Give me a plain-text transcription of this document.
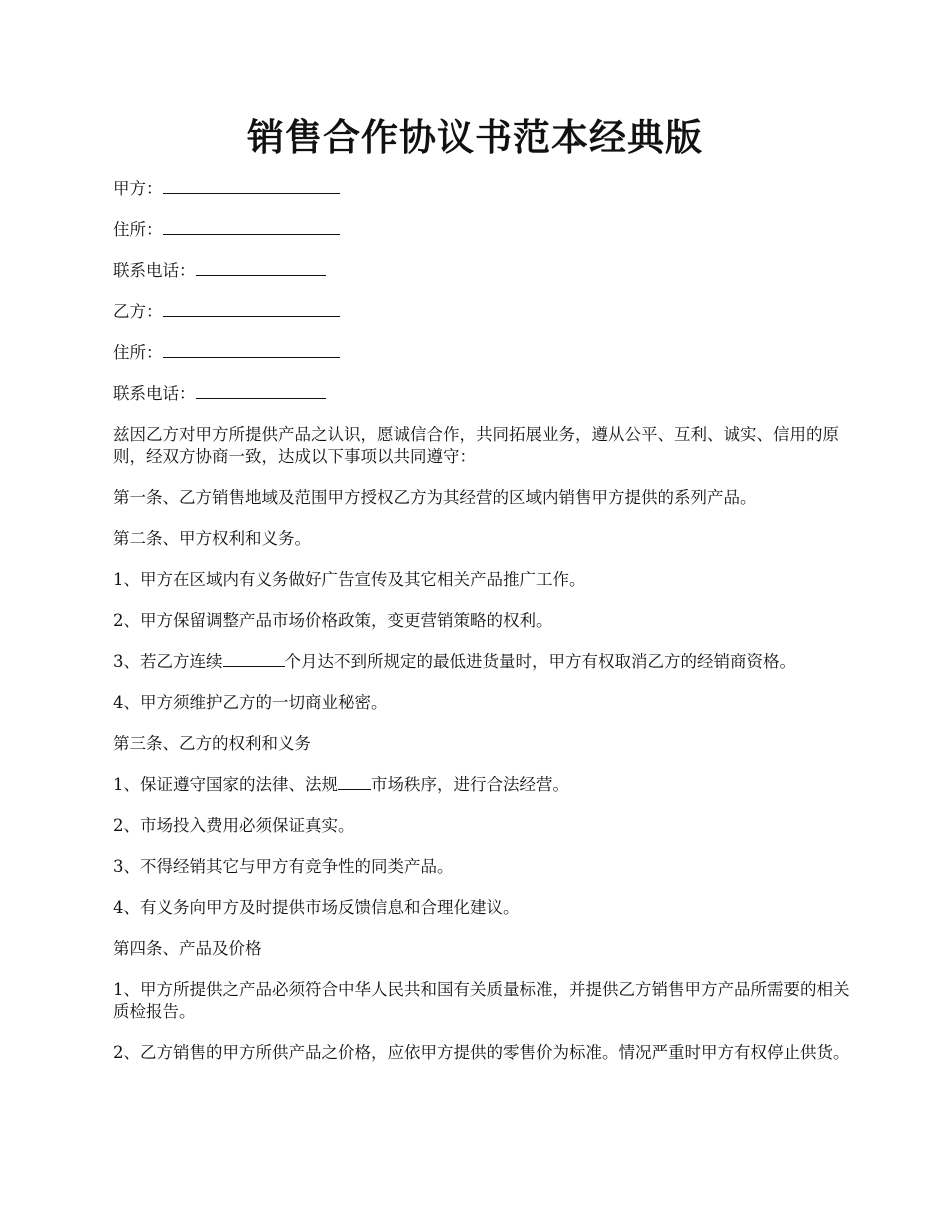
销售合作协议书范本经典版

甲方：

住所：

联系电话：

乙方：

住所：

联系电话：

兹因乙方对甲方所提供产品之认识，愿诚信合作，共同拓展业务，遵从公平、互利、诚实、信用的原则，经双方协商一致，达成以下事项以共同遵守：

第一条、乙方销售地域及范围甲方授权乙方为其经营的区域内销售甲方提供的系列产品。

第二条、甲方权利和义务。

1、甲方在区域内有义务做好广告宣传及其它相关产品推广工作。

2、甲方保留调整产品市场价格政策，变更营销策略的权利。

3、若乙方连续	个月达不到所规定的最低进货量时，甲方有权取消乙方的经销商资格。

4、甲方须维护乙方的一切商业秘密。

第三条、乙方的权利和义务

1、保证遵守国家的法律、法规 市场秩序，进行合法经营。

2、市场投入费用必须保证真实。

3、不得经销其它与甲方有竞争性的同类产品。

4、有义务向甲方及时提供市场反馈信息和合理化建议。

第四条、产品及价格

1、甲方所提供之产品必须符合中华人民共和国有关质量标准，并提供乙方销售甲方产品所需要的相关质检报告。

2、乙方销售的甲方所供产品之价格，应依甲方提供的零售价为标准。情况严重时甲方有权停止供货。
